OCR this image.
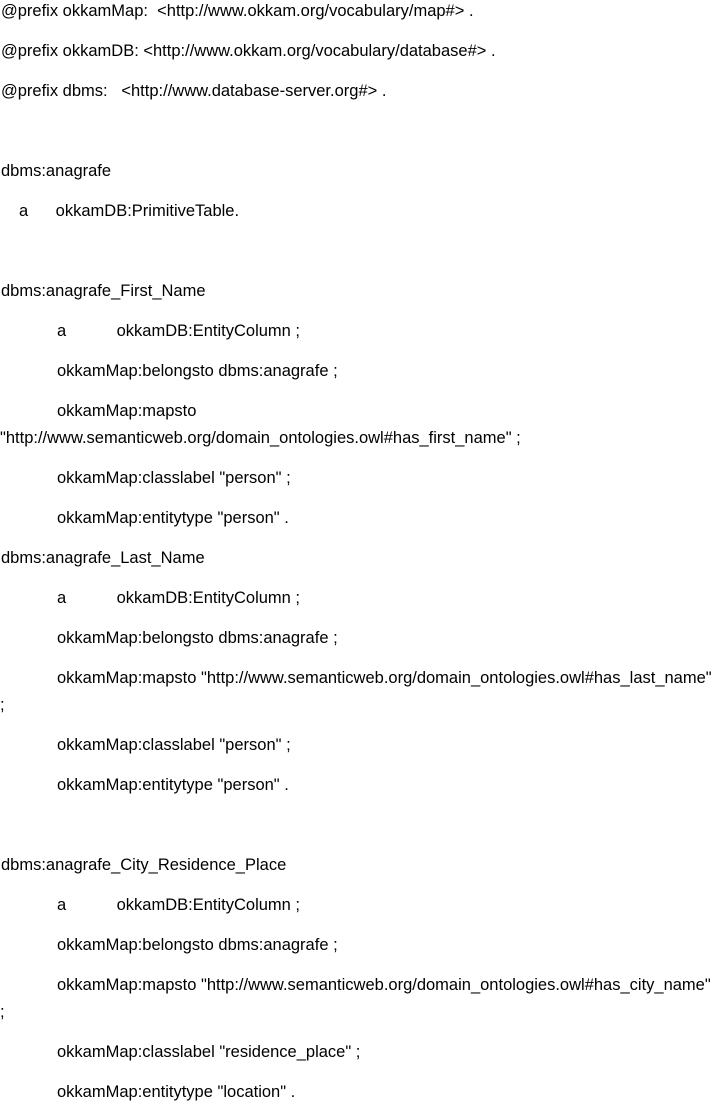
@prefix okkamMap:  <http://www.okkam.org/vocabulary/map#> .
@prefix okkamDB: <http://www.okkam.org/vocabulary/database#> .
@prefix dbms:   <http://www.database-server.org#> .
dbms:anagrafe
a      okkamDB:PrimitiveTable.
dbms:anagrafe_First_Name
a           okkamDB:EntityColumn ;
okkamMap:belongsto dbms:anagrafe ;
okkamMap:mapsto
"http://www.semanticweb.org/domain_ontologies.owl#has_first_name" ;
okkamMap:classlabel "person" ;
okkamMap:entitytype "person" .
dbms:anagrafe_Last_Name
a           okkamDB:EntityColumn ;
okkamMap:belongsto dbms:anagrafe ;
okkamMap:mapsto "http://www.semanticweb.org/domain_ontologies.owl#has_last_name"
;
okkamMap:classlabel "person" ;
okkamMap:entitytype "person" .
dbms:anagrafe_City_Residence_Place
a           okkamDB:EntityColumn ;
okkamMap:belongsto dbms:anagrafe ;
okkamMap:mapsto "http://www.semanticweb.org/domain_ontologies.owl#has_city_name"
;
okkamMap:classlabel "residence_place" ;
okkamMap:entitytype "location" .
